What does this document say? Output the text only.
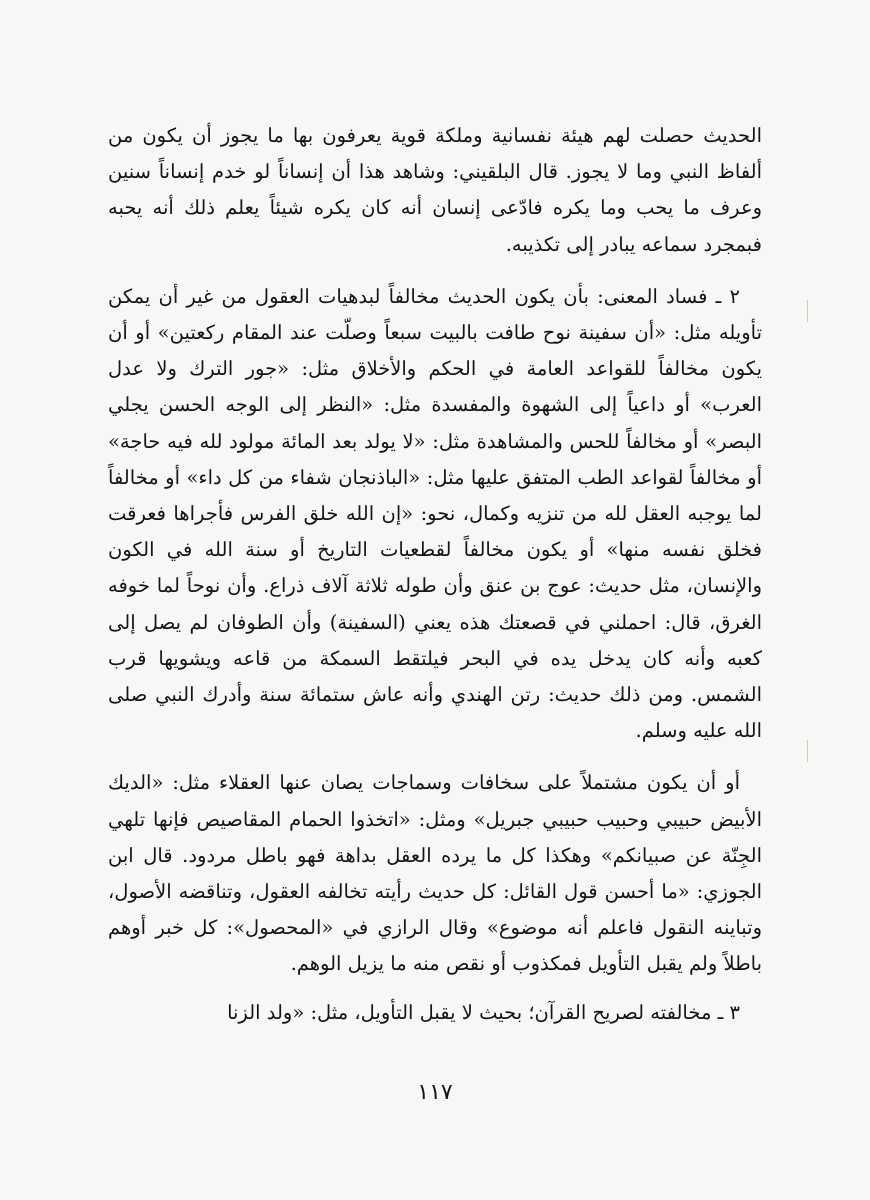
الحديث حصلت لهم هيئة نفسانية وملكة قوية يعرفون بها ما يجوز أن يكون من ألفاظ النبي وما لا يجوز. قال البلقيني: وشاهد هذا أن إنساناً لو خدم إنساناً سنين وعرف ما يحب وما يكره فادّعى إنسان أنه كان يكره شيئاً يعلم ذلك أنه يحبه فبمجرد سماعه يبادر إلى تكذيبه.

٢ ـ فساد المعنى: بأن يكون الحديث مخالفاً لبدهيات العقول من غير أن يمكن تأويله مثل: «أن سفينة نوح طافت بالبيت سبعاً وصلّت عند المقام ركعتين» أو أن يكون مخالفاً للقواعد العامة في الحكم والأخلاق مثل: «جور الترك ولا عدل العرب» أو داعياً إلى الشهوة والمفسدة مثل: «النظر إلى الوجه الحسن يجلي البصر» أو مخالفاً للحس والمشاهدة مثل: «لا يولد بعد المائة مولود لله فيه حاجة» أو مخالفاً لقواعد الطب المتفق عليها مثل: «الباذنجان شفاء من كل داء» أو مخالفاً لما يوجبه العقل لله من تنزيه وكمال، نحو: «إن الله خلق الفرس فأجراها فعرقت فخلق نفسه منها» أو يكون مخالفاً لقطعيات التاريخ أو سنة الله في الكون والإنسان، مثل حديث: عوج بن عنق وأن طوله ثلاثة آلاف ذراع. وأن نوحاً لما خوفه الغرق، قال: احملني في قصعتك هذه يعني (السفينة) وأن الطوفان لم يصل إلى كعبه وأنه كان يدخل يده في البحر فيلتقط السمكة من قاعه ويشويها قرب الشمس. ومن ذلك حديث: رتن الهندي وأنه عاش ستمائة سنة وأدرك النبي صلى الله عليه وسلم.

أو أن يكون مشتملاً على سخافات وسماجات يصان عنها العقلاء مثل: «الديك الأبيض حبيبي وحبيب حبيبي جبريل» ومثل: «اتخذوا الحمام المقاصيص فإنها تلهي الجِنّة عن صبيانكم» وهكذا كل ما يرده العقل بداهة فهو باطل مردود. قال ابن الجوزي: «ما أحسن قول القائل: كل حديث رأيته تخالفه العقول، وتناقضه الأصول، وتباينه النقول فاعلم أنه موضوع» وقال الرازي في «المحصول»: كل خبر أوهم باطلاً ولم يقبل التأويل فمكذوب أو نقص منه ما يزيل الوهم.

٣ ـ مخالفته لصريح القرآن؛ بحيث لا يقبل التأويل، مثل: «ولد الزنا

١١٧
